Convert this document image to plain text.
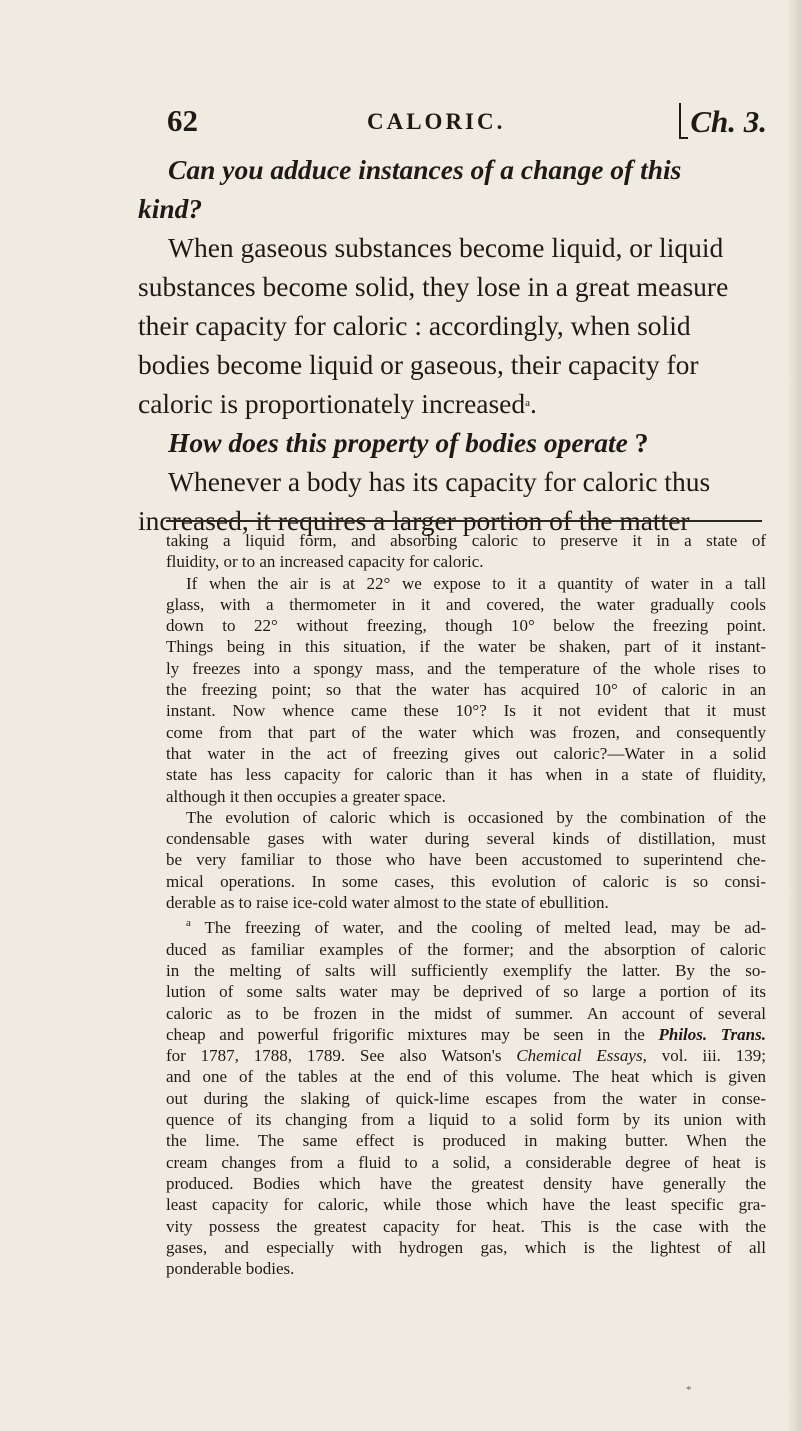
62	CALORIC.	Ch. 3.

Can you adduce instances of a change of this
kind?

When gaseous substances become liquid, or liquid
substances become solid, they lose in a great measure
their capacity for caloric : accordingly, when solid
bodies become liquid or gaseous, their capacity for
caloric is proportionately increased$^a$.

How does this property of bodies operate ?

Whenever a body has its capacity for caloric thus
increased, it requires a larger portion of the matter

taking a liquid form, and absorbing caloric to preserve it in a state of
fluidity, or to an increased capacity for caloric.

If when the air is at 22° we expose to it a quantity of water in a tall
glass, with a thermometer in it and covered, the water gradually cools
down to 22° without freezing, though 10° below the freezing point.
Things being in this situation, if the water be shaken, part of it instant-
ly freezes into a spongy mass, and the temperature of the whole rises to
the freezing point; so that the water has acquired 10° of caloric in an
instant. Now whence came these 10°? Is it not evident that it must
come from that part of the water which was frozen, and consequently
that water in the act of freezing gives out caloric?—Water in a solid
state has less capacity for caloric than it has when in a state of fluidity,
although it then occupies a greater space.

The evolution of caloric which is occasioned by the combination of the
condensable gases with water during several kinds of distillation, must
be very familiar to those who have been accustomed to superintend che-
mical operations. In some cases, this evolution of caloric is so consi-
derable as to raise ice-cold water almost to the state of ebullition.

$^a$ The freezing of water, and the cooling of melted lead, may be ad-
duced as familiar examples of the former; and the absorption of caloric
in the melting of salts will sufficiently exemplify the latter. By the so-
lution of some salts water may be deprived of so large a portion of its
caloric as to be frozen in the midst of summer. An account of several
cheap and powerful frigorific mixtures may be seen in the Philos. Trans.
for 1787, 1788, 1789. See also Watson's Chemical Essays, vol. iii. 139;
and one of the tables at the end of this volume. The heat which is given
out during the slaking of quick-lime escapes from the water in conse-
quence of its changing from a liquid to a solid form by its union with
the lime. The same effect is produced in making butter. When the
cream changes from a fluid to a solid, a considerable degree of heat is
produced. Bodies which have the greatest density have generally the
least capacity for caloric, while those which have the least specific gra-
vity possess the greatest capacity for heat. This is the case with the
gases, and especially with hydrogen gas, which is the lightest of all
ponderable bodies.

*
